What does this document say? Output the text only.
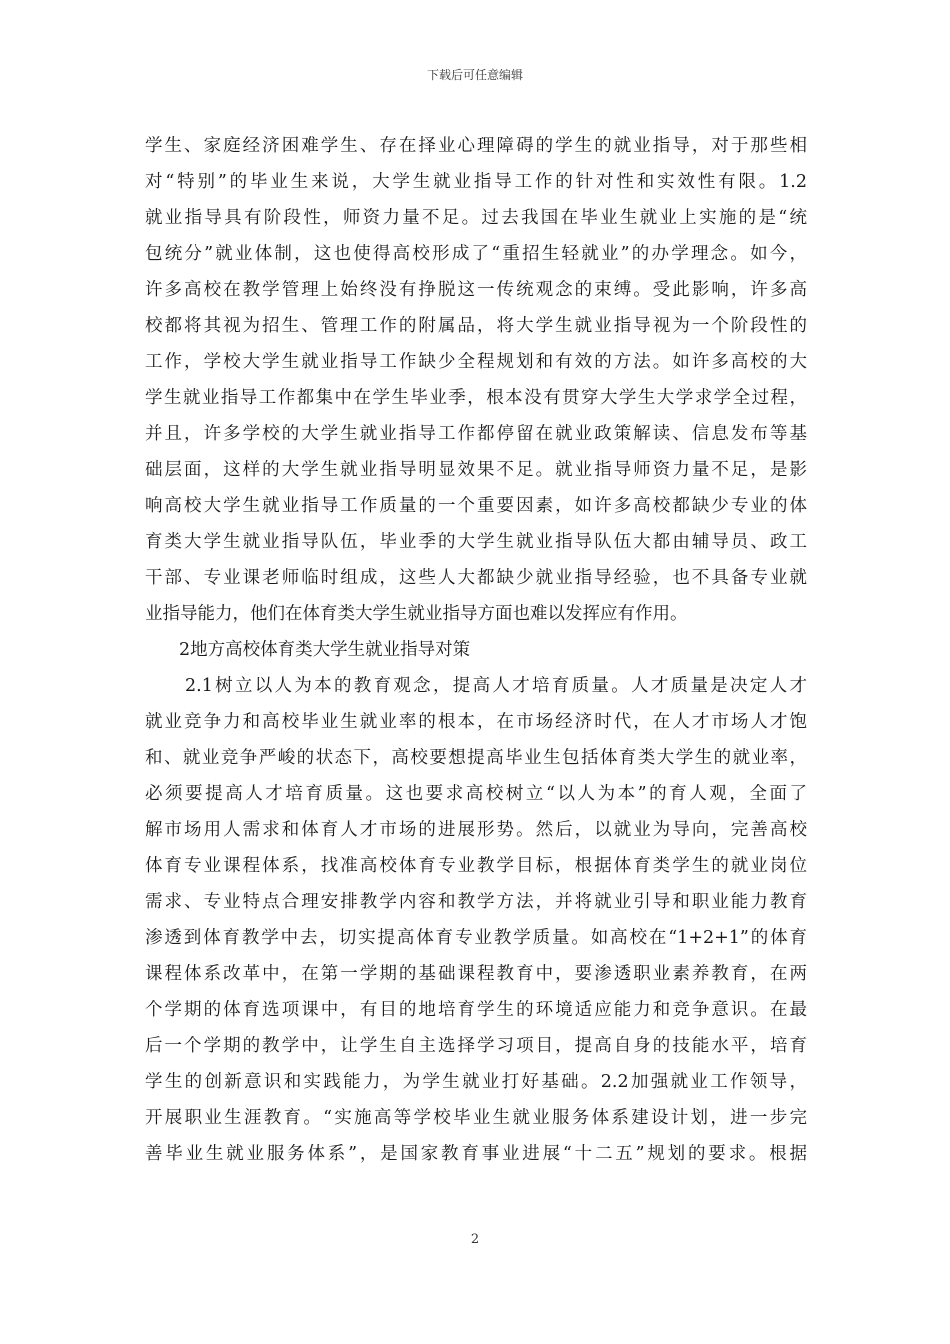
下载后可任意编辑
学生、家庭经济困难学生、存在择业心理障碍的学生的就业指导，对于那些相
对“特别”的毕业生来说，大学生就业指导工作的针对性和实效性有限。1.2
就业指导具有阶段性，师资力量不足。过去我国在毕业生就业上实施的是“统
包统分”就业体制，这也使得高校形成了“重招生轻就业”的办学理念。如今，
许多高校在教学管理上始终没有挣脱这一传统观念的束缚。受此影响，许多高
校都将其视为招生、管理工作的附属品，将大学生就业指导视为一个阶段性的
工作，学校大学生就业指导工作缺少全程规划和有效的方法。如许多高校的大
学生就业指导工作都集中在学生毕业季，根本没有贯穿大学生大学求学全过程，
并且，许多学校的大学生就业指导工作都停留在就业政策解读、信息发布等基
础层面，这样的大学生就业指导明显效果不足。就业指导师资力量不足，是影
响高校大学生就业指导工作质量的一个重要因素，如许多高校都缺少专业的体
育类大学生就业指导队伍，毕业季的大学生就业指导队伍大都由辅导员、政工
干部、专业课老师临时组成，这些人大都缺少就业指导经验，也不具备专业就
业指导能力，他们在体育类大学生就业指导方面也难以发挥应有作用。
2地方高校体育类大学生就业指导对策
2.1树立以人为本的教育观念，提高人才培育质量。人才质量是决定人才
就业竞争力和高校毕业生就业率的根本，在市场经济时代，在人才市场人才饱
和、就业竞争严峻的状态下，高校要想提高毕业生包括体育类大学生的就业率，
必须要提高人才培育质量。这也要求高校树立“以人为本”的育人观，全面了
解市场用人需求和体育人才市场的进展形势。然后，以就业为导向，完善高校
体育专业课程体系，找准高校体育专业教学目标，根据体育类学生的就业岗位
需求、专业特点合理安排教学内容和教学方法，并将就业引导和职业能力教育
渗透到体育教学中去，切实提高体育专业教学质量。如高校在“1+2+1”的体育
课程体系改革中，在第一学期的基础课程教育中，要渗透职业素养教育，在两
个学期的体育选项课中，有目的地培育学生的环境适应能力和竞争意识。在最
后一个学期的教学中，让学生自主选择学习项目，提高自身的技能水平，培育
学生的创新意识和实践能力，为学生就业打好基础。2.2加强就业工作领导，
开展职业生涯教育。“实施高等学校毕业生就业服务体系建设计划，进一步完
善毕业生就业服务体系”，是国家教育事业进展“十二五”规划的要求。根据
2
